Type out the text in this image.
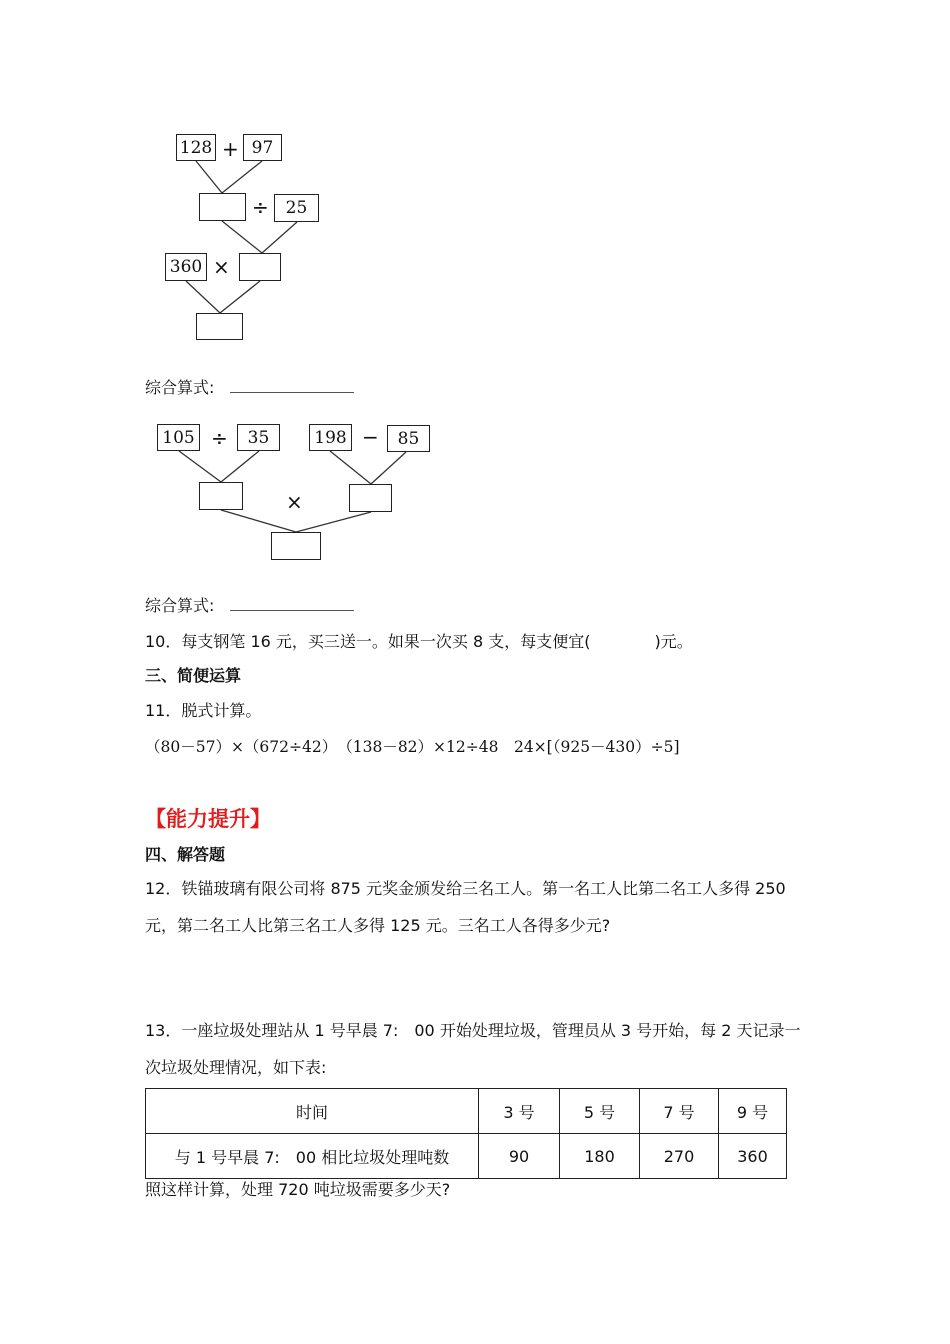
128 + 97
÷ 25
360 ×
综合算式:
105 ÷	35	198 −	85
×
综合算式:
10．每支钢笔 16 元，买三送一。如果一次买 8 支，每支便宜(　　　　)元。
三、简便运算
11．脱式计算。
（80－57）×（672÷42）　（138－82）×12÷48　24×[（925－430）÷5]
【能力提升】
四、解答题
12．铁锚玻璃有限公司将 875 元奖金颁发给三名工人。第一名工人比第二名工人多得 250
元，第二名工人比第三名工人多得 125 元。三名工人各得多少元?
13．一座垃圾处理站从 1 号早晨 7:　00 开始处理垃圾，管理员从 3 号开始，每 2 天记录一
次垃圾处理情况，如下表:
时间	3 号	5 号	7 号	9 号
与 1 号早晨 7:　00 相比垃圾处理吨数	90	180	270	360
照这样计算，处理 720 吨垃圾需要多少天?
